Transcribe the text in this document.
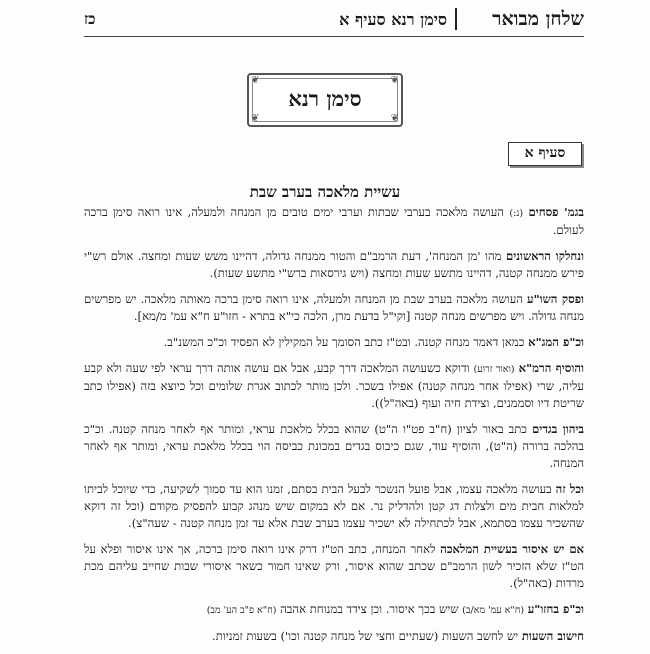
שלחן מבואר
סימן רנא סעיף א
כז
❦	❦
❦	❦
סימן רנא
סעיף א
עשיית מלאכה בערב שבת

בגמ' פסחים (נ:) העושה מלאכה בערבי שבתות וערבי ימים טובים מן המנחה ולמעלה, אינו רואה סימן ברכה לעולם.

ונחלקו הראשונים מהו 'מן המנחה', דעת הרמב"ם והטור ממנחה גדולה, דהיינו משש שעות ומחצה. אולם רש"י פירש ממנחה קטנה, דהיינו מתשע שעות ומחצה (ויש גירסאות ברש"י מתשע שעות).

ופסק השו"ע העושה מלאכה בערב שבת מן המנחה ולמעלה, אינו רואה סימן ברכה מאותה מלאכה. יש מפרשים מנחה גדולה. ויש מפרשים מנחה קטנה [וקי"ל בדעת מרן, הלכה כי"א בתרא - חזו"ע ח"א עמ' מ/מא].

וכ"פ המג"א כמאן דאמר מנחה קטנה. ובט"ז כתב הסומך על המקילין לא הפסיד וכ"כ המשנ"ב.

והוסיף הרמ"א (ואור זרוע) ודוקא כשעושה המלאכה דרך קבע, אבל אם עושה אותה דרך עראי לפי שעה ולא קבע עליה, שרי (אפילו אחר מנחה קטנה) אפילו בשכר. ולכן מותר לכתוב אגרת שלומים וכל כיוצא בזה (אפילו כתב שריטת דיו וסממנים, וצידת חיה ועוף (באה"ל)).

ביהון בגדים כתב באור לציון (ח"ב פט"ו ה"ט) שהוא בכלל מלאכת עראי, ומותר אף לאחר מנחה קטנה. וכ"כ בהלכה ברורה (ה"ט), והוסיף עוד, שגם כיבוס בגדים במכונת כביסה הוי בכלל מלאכת עראי, ומותר אף לאחר המנחה.

וכל זה בעושה מלאכה עצמו, אבל פועל הנשכר לבעל הבית בסתם, זמנו הוא עד סמוך לשקיעה, כדי שיוכל לביתו למלאות חבית מים ולצלות דג קטן ולהדליק נר. אם לא במקום שיש מנהג קבוע להפסיק מקודם (וכל זה דוקא שהשכיר עצמו בסתמא, אבל לכתחילה לא ישכיר עצמו בערב שבת אלא עד זמן מנחה קטנה - שעה"צ).

אם יש איסור בעשיית המלאכה לאחר המנחה, כתב הט"ז דרק אינו רואה סימן ברכה, אך אינו איסור ופלא על הט"ז שלא הזכיר לשון הרמב"ם שכתב שהוא איסור, ורק שאינו חמור כשאר איסורי שבות שחייב עליהם מכת מרדות (באה"ל).

וכ"פ בחזו"ע (ח"א עמ' מא/ב) שיש בכך איסור. וכן צידד במנוחת אהבה (ח"א פ"ב הע' מב)

חישוב השעות יש לחשב השעות (שעתיים וחצי של מנחה קטנה וכו') בשעות זמניות.
